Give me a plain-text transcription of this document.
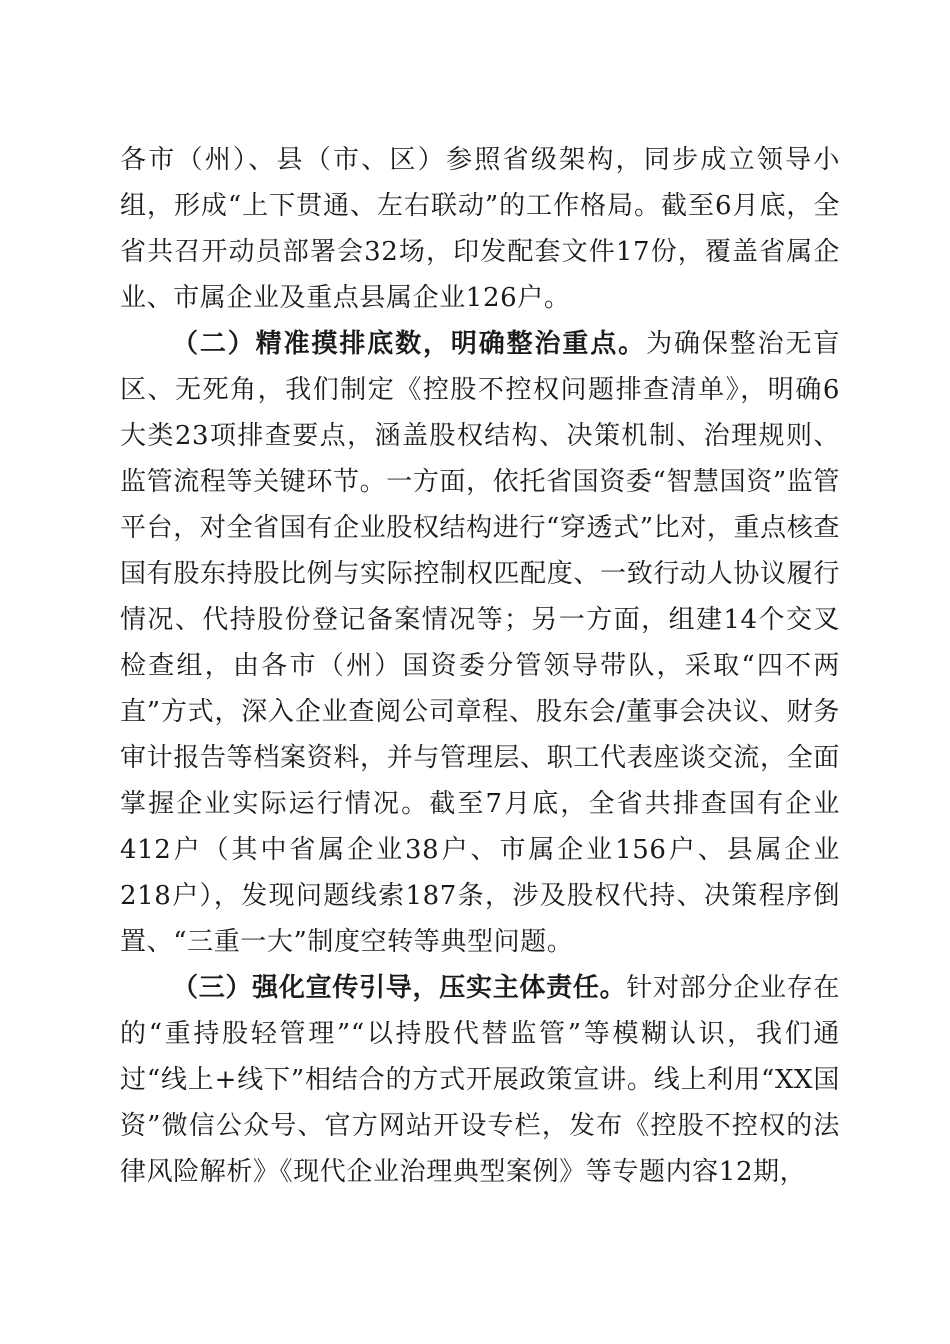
各市（州）、县（市、区）参照省级架构，同步成立领导小组，形成“上下贯通、左右联动”的工作格局。截至6月底，全省共召开动员部署会32场，印发配套文件17份，覆盖省属企业、市属企业及重点县属企业126户。

（二）精准摸排底数，明确整治重点。为确保整治无盲区、无死角，我们制定《控股不控权问题排查清单》，明确6大类23项排查要点，涵盖股权结构、决策机制、治理规则、监管流程等关键环节。一方面，依托省国资委“智慧国资”监管平台，对全省国有企业股权结构进行“穿透式”比对，重点核查国有股东持股比例与实际控制权匹配度、一致行动人协议履行情况、代持股份登记备案情况等；另一方面，组建14个交叉检查组，由各市（州）国资委分管领导带队，采取“四不两直”方式，深入企业查阅公司章程、股东会/董事会决议、财务审计报告等档案资料，并与管理层、职工代表座谈交流，全面掌握企业实际运行情况。截至7月底，全省共排查国有企业412户（其中省属企业38户、市属企业156户、县属企业218户），发现问题线索187条，涉及股权代持、决策程序倒置、“三重一大”制度空转等典型问题。

（三）强化宣传引导，压实主体责任。针对部分企业存在的“重持股轻管理”“以持股代替监管”等模糊认识，我们通过“线上+线下”相结合的方式开展政策宣讲。线上利用“XX国资”微信公众号、官方网站开设专栏，发布《控股不控权的法律风险解析》《现代企业治理典型案例》等专题内容12期，
